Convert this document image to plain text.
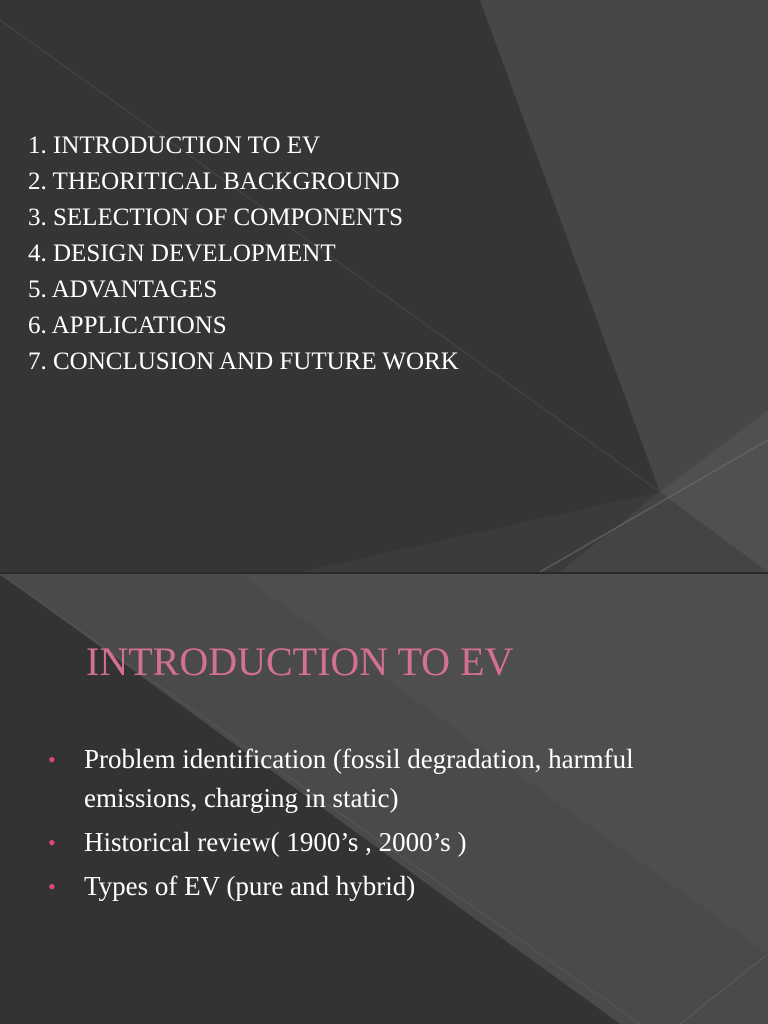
1. INTRODUCTION TO EV
2. THEORITICAL BACKGROUND
3. SELECTION OF COMPONENTS
4. DESIGN DEVELOPMENT
5. ADVANTAGES
6. APPLICATIONS
7. CONCLUSION AND FUTURE WORK
INTRODUCTION TO EV
• Problem identification (fossil degradation, harmful emissions, charging in static)
• Historical review( 1900’s , 2000’s )
• Types of EV (pure and hybrid)
